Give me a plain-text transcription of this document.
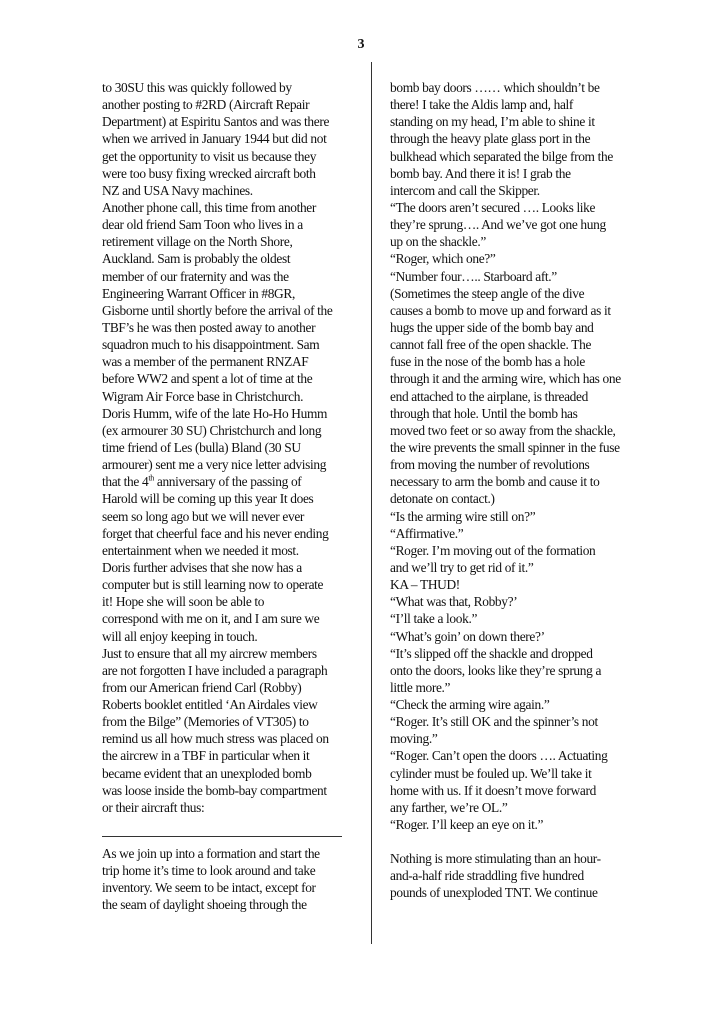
3
to 30SU this was quickly followed by
another posting to #2RD (Aircraft Repair
Department) at Espiritu Santos and was there
when we arrived in January 1944 but did not
get the opportunity to visit us because they
were too busy fixing wrecked aircraft both
NZ and USA Navy machines.
Another phone call, this time from another
dear old friend Sam Toon who lives in a
retirement village on the North Shore,
Auckland. Sam is probably the oldest
member of our fraternity and was the
Engineering Warrant Officer in #8GR,
Gisborne until shortly before the arrival of the
TBF’s he was then posted away to another
squadron much to his disappointment. Sam
was a member of the permanent RNZAF
before WW2 and spent a lot of time at the
Wigram Air Force base in Christchurch.
Doris Humm, wife of the late Ho-Ho Humm
(ex armourer 30 SU) Christchurch and long
time friend of Les (bulla) Bland (30 SU
armourer) sent me a very nice letter advising
that the 4th anniversary of the passing of
Harold will be coming up this year It does
seem so long ago but we will never ever
forget that cheerful face and his never ending
entertainment when we needed it most.
Doris further advises that she now has a
computer but is still learning now to operate
it! Hope she will soon be able to
correspond with me on it, and I am sure we
will all enjoy keeping in touch.
Just to ensure that all my aircrew members
are not forgotten I have included a paragraph
from our American friend Carl (Robby)
Roberts booklet entitled ‘An Airdales view
from the Bilge” (Memories of VT305) to
remind us all how much stress was placed on
the aircrew in a TBF in particular when it
became evident that an unexploded bomb
was loose inside the bomb-bay compartment
or their aircraft thus:
As we join up into a formation and start the
trip home it’s time to look around and take
inventory. We seem to be intact, except for
the seam of daylight shoeing through the
bomb bay doors …… which shouldn’t be
there! I take the Aldis lamp and, half
standing on my head, I’m able to shine it
through the heavy plate glass port in the
bulkhead which separated the bilge from the
bomb bay. And there it is! I grab the
intercom and call the Skipper.
“The doors aren’t secured …. Looks like
they’re sprung…. And we’ve got one hung
up on the shackle.”
“Roger, which one?”
“Number four….. Starboard aft.”
(Sometimes the steep angle of the dive
causes a bomb to move up and forward as it
hugs the upper side of the bomb bay and
cannot fall free of the open shackle. The
fuse in the nose of the bomb has a hole
through it and the arming wire, which has one
end attached to the airplane, is threaded
through that hole. Until the bomb has
moved two feet or so away from the shackle,
the wire prevents the small spinner in the fuse
from moving the number of revolutions
necessary to arm the bomb and cause it to
detonate on contact.)
“Is the arming wire still on?”
“Affirmative.”
“Roger. I’m moving out of the formation
and we’ll try to get rid of it.”
KA – THUD!
“What was that, Robby?’
“I’ll take a look.”
“What’s goin’ on down there?’
“It’s slipped off the shackle and dropped
onto the doors, looks like they’re sprung a
little more.”
“Check the arming wire again.”
“Roger. It’s still OK and the spinner’s not
moving.”
“Roger. Can’t open the doors …. Actuating
cylinder must be fouled up. We’ll take it
home with us. If it doesn’t move forward
any farther, we’re OL.”
“Roger. I’ll keep an eye on it.”
Nothing is more stimulating than an hour-
and-a-half ride straddling five hundred
pounds of unexploded TNT. We continue
